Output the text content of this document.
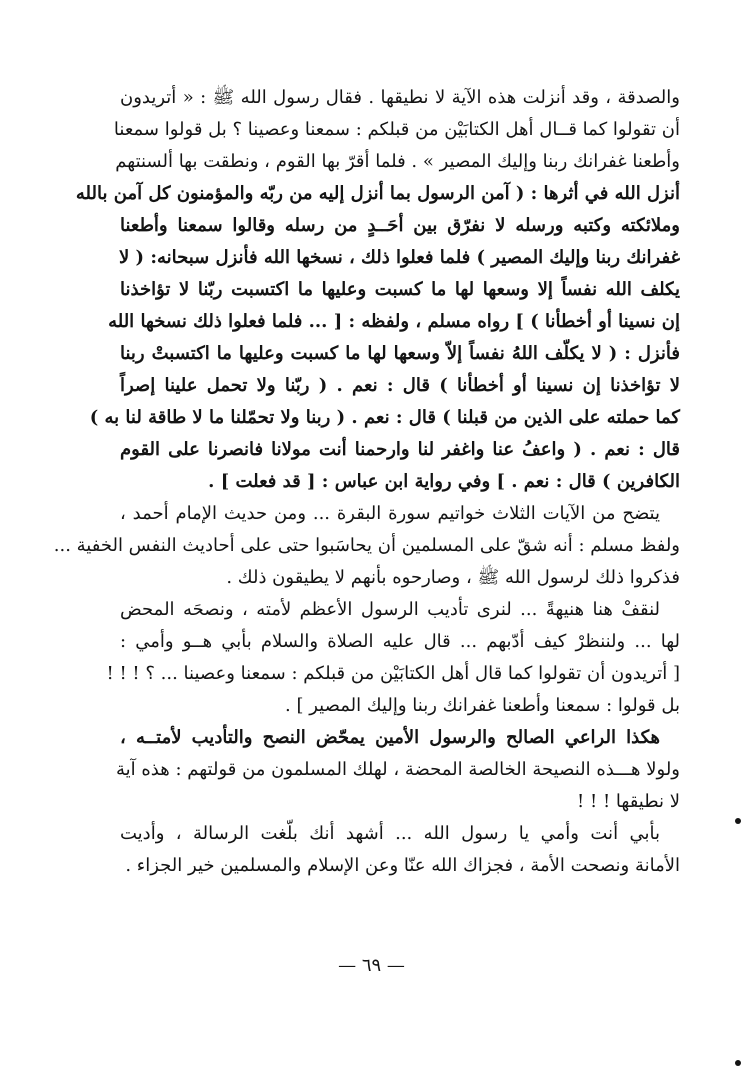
والصدقة ، وقد أنزلت هذه الآية لا نطيقها . فقال رسول الله ﷺ : « أتريدون
أن تقولوا كما قــال أهل الكتابَيْن من قبلكم : سمعنا وعصينا ؟ بل قولوا سمعنا
وأطعنا غفرانك ربنا وإليك المصير » . فلما أقرّ بها القوم ، ونطقت بها ألسنتهم
أنزل الله في أثرها : ( آمن الرسول بما أنزل إليه من ربّه والمؤمنون كل آمن بالله
وملائكته وكتبه ورسله لا نفرّق بين أحَــدٍ من رسله وقالوا سمعنا وأطعنا
غفرانك ربنا وإليك المصير ) فلما فعلوا ذلك ، نسخها الله فأنزل سبحانه: ( لا
يكلف الله نفساً إلا وسعها لها ما كسبت وعليها ما اكتسبت ربّنا لا تؤاخذنا
إن نسينا أو أخطأنا ) ] رواه مسلم ، ولفظه : [ ... فلما فعلوا ذلك نسخها الله
فأنزل : ( لا يكلّف اللهُ نفساً إلاّ وسعها لها ما كسبت وعليها ما اكتسبتْ ربنا
لا تؤاخذنا إن نسينا أو أخطأنا ) قال : نعم . ( ربّنا ولا تحمل علينا إصراً
كما حملته على الذين من قبلنا ) قال : نعم . ( ربنا ولا تحمّلنا ما لا طاقة لنا به )
قال : نعم . ( واعفُ عنا واغفر لنا وارحمنا أنت مولانا فانصرنا على القوم
الكافرين ) قال : نعم . ] وفي رواية ابن عباس : [ قد فعلت ] .
يتضح من الآيات الثلاث خواتيم سورة البقرة ... ومن حديث الإمام أحمد ،
ولفظ مسلم : أنه شقّ على المسلمين أن يحاسَبوا حتى على أحاديث النفس الخفية ...
فذكروا ذلك لرسول الله ﷺ ، وصارحوه بأنهم لا يطيقون ذلك .
لنقفْ هنا هنيهةً ... لنرى تأديب الرسول الأعظم لأمته ، ونصحَه المحض
لها ... ولننظرْ كيف أدّبهم ... قال عليه الصلاة والسلام بأبي هــو وأمي :
[ أتريدون أن تقولوا كما قال أهل الكتابَيْن من قبلكم : سمعنا وعصينا ... ؟ ! ! !
بل قولوا : سمعنا وأطعنا غفرانك ربنا وإليك المصير ] .
هكذا الراعي الصالح والرسول الأمين يمحّض النصح والتأديب لأمتــه ،
ولولا هـــذه النصيحة الخالصة المحضة ، لهلك المسلمون من قولتهم : هذه آية
لا نطيقها ! ! !
بأبي أنت وأمي يا رسول الله ... أشهد أنك بلّغت الرسالة ، وأديت
الأمانة ونصحت الأمة ، فجزاك الله عنّا وعن الإسلام والمسلمين خير الجزاء .
— ٦٩ —
